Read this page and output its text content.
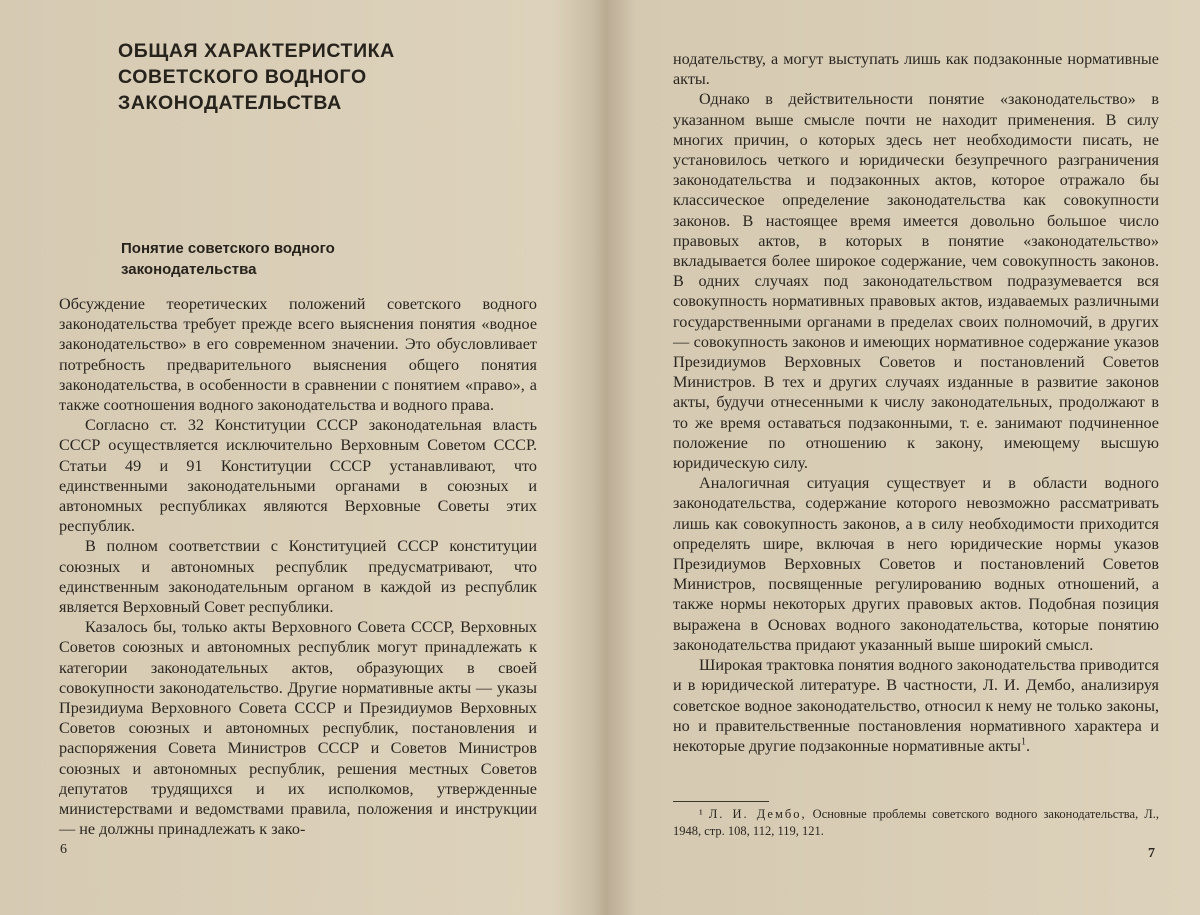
ОБЩАЯ ХАРАКТЕРИСТИКА
СОВЕТСКОГО ВОДНОГО
ЗАКОНОДАТЕЛЬСТВА
Понятие советского водного
законодательства

Обсуждение теоретических положений советского водного законодательства требует прежде всего выяснения понятия «водное законодательство» в его современном значении. Это обусловливает потребность предварительного выяснения общего понятия законодательства, в особенности в сравнении с понятием «право», а также соотношения водного законодательства и водного права.

Согласно ст. 32 Конституции СССР законодательная власть СССР осуществляется исключительно Верховным Советом СССР. Статьи 49 и 91 Конституции СССР устанавливают, что единственными законодательными органами в союзных и автономных республиках являются Верховные Советы этих республик.

В полном соответствии с Конституцией СССР конституции союзных и автономных республик предусматривают, что единственным законодательным органом в каждой из республик является Верховный Совет республики.

Казалось бы, только акты Верховного Совета СССР, Верховных Советов союзных и автономных республик могут принадлежать к категории законодательных актов, образующих в своей совокупности законодательство. Другие нормативные акты — указы Президиума Верховного Совета СССР и Президиумов Верховных Советов союзных и автономных республик, постановления и распоряжения Совета Министров СССР и Советов Министров союзных и автономных республик, решения местных Советов депутатов трудящихся и их исполкомов, утвержденные министерствами и ведомствами правила, положения и инструкции — не должны принадлежать к зако-

6

нодательству, а могут выступать лишь как подзаконные нормативные акты.

Однако в действительности понятие «законодательство» в указанном выше смысле почти не находит применения. В силу многих причин, о которых здесь нет необходимости писать, не установилось четкого и юридически безупречного разграничения законодательства и подзаконных актов, которое отражало бы классическое определение законодательства как совокупности законов. В настоящее время имеется довольно большое число правовых актов, в которых в понятие «законодательство» вкладывается более широкое содержание, чем совокупность законов. В одних случаях под законодательством подразумевается вся совокупность нормативных правовых актов, издаваемых различными государственными органами в пределах своих полномочий, в других — совокупность законов и имеющих нормативное содержание указов Президиумов Верховных Советов и постановлений Советов Министров. В тех и других случаях изданные в развитие законов акты, будучи отнесенными к числу законодательных, продолжают в то же время оставаться подзаконными, т. е. занимают подчиненное положение по отношению к закону, имеющему высшую юридическую силу.

Аналогичная ситуация существует и в области водного законодательства, содержание которого невозможно рассматривать лишь как совокупность законов, а в силу необходимости приходится определять шире, включая в него юридические нормы указов Президиумов Верховных Советов и постановлений Советов Министров, посвященные регулированию водных отношений, а также нормы некоторых других правовых актов. Подобная позиция выражена в Основах водного законодательства, которые понятию законодательства придают указанный выше широкий смысл.

Широкая трактовка понятия водного законодательства приводится и в юридической литературе. В частности, Л. И. Дембо, анализируя советское водное законодательство, относил к нему не только законы, но и правительственные постановления нормативного характера и некоторые другие подзаконные нормативные акты$^1$.

¹ Л. И. Дембо, Основные проблемы советского водного законодательства, Л., 1948, стр. 108, 112, 119, 121.
7
